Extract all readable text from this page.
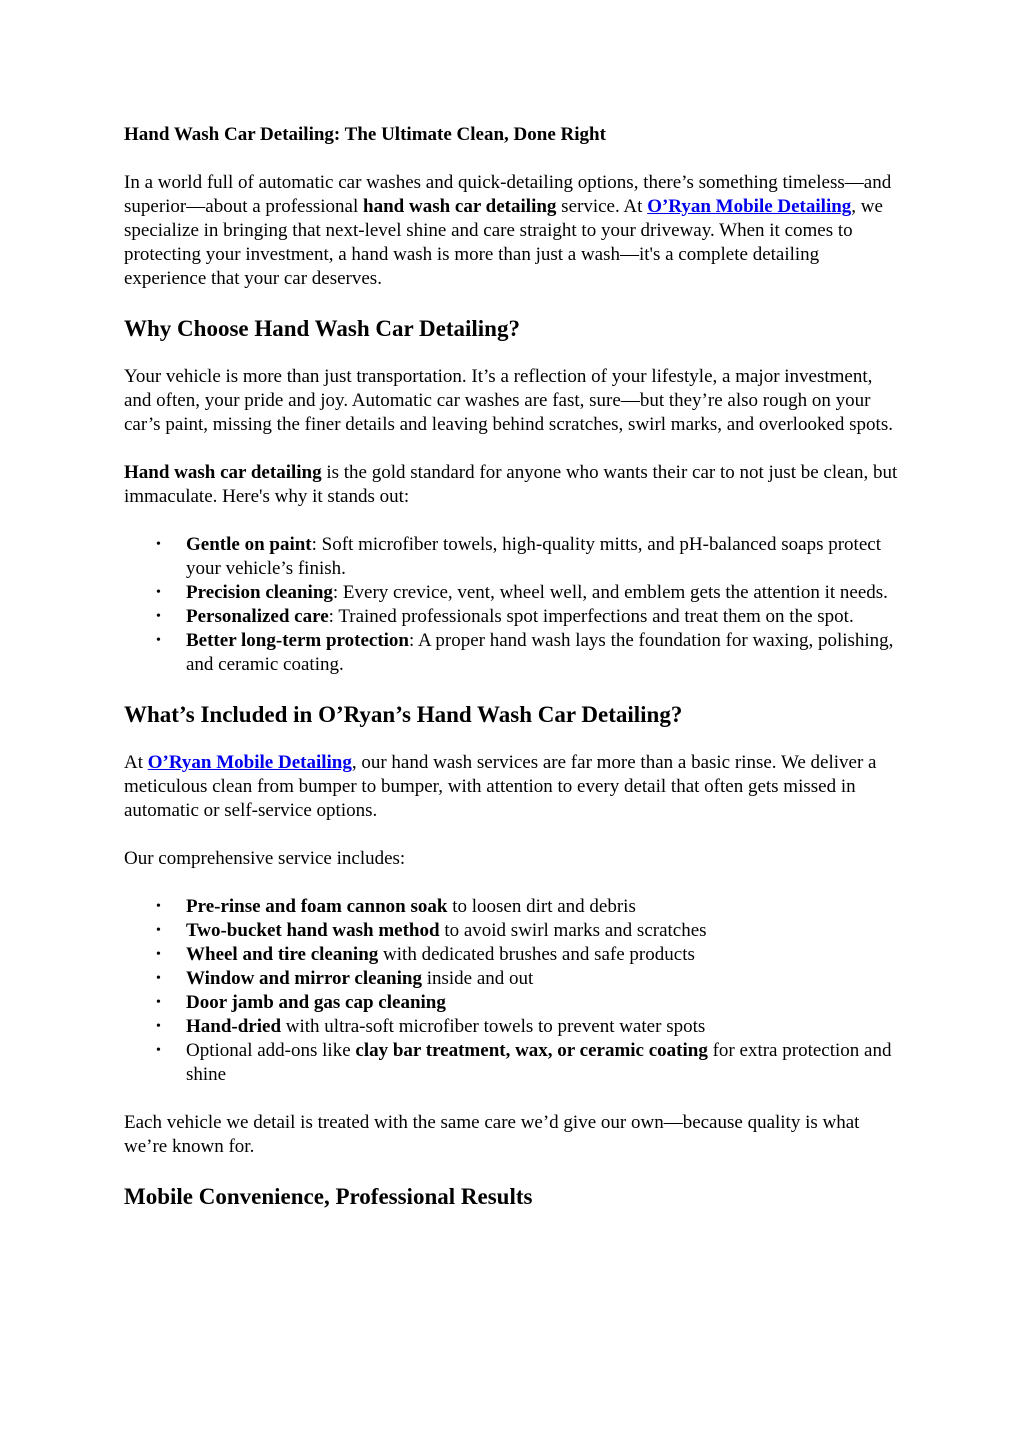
Hand Wash Car Detailing: The Ultimate Clean, Done Right

In a world full of automatic car washes and quick-detailing options, there’s something timeless—and superior—about a professional hand wash car detailing service. At O’Ryan Mobile Detailing, we specialize in bringing that next-level shine and care straight to your driveway. When it comes to protecting your investment, a hand wash is more than just a wash—it's a complete detailing experience that your car deserves.

Why Choose Hand Wash Car Detailing?

Your vehicle is more than just transportation. It’s a reflection of your lifestyle, a major investment, and often, your pride and joy. Automatic car washes are fast, sure—but they’re also rough on your car’s paint, missing the finer details and leaving behind scratches, swirl marks, and overlooked spots.

Hand wash car detailing is the gold standard for anyone who wants their car to not just be clean, but immaculate. Here's why it stands out:

• Gentle on paint: Soft microfiber towels, high-quality mitts, and pH-balanced soaps protect your vehicle’s finish.
• Precision cleaning: Every crevice, vent, wheel well, and emblem gets the attention it needs.
• Personalized care: Trained professionals spot imperfections and treat them on the spot.
• Better long-term protection: A proper hand wash lays the foundation for waxing, polishing, and ceramic coating.
What’s Included in O’Ryan’s Hand Wash Car Detailing?

At O’Ryan Mobile Detailing, our hand wash services are far more than a basic rinse. We deliver a meticulous clean from bumper to bumper, with attention to every detail that often gets missed in automatic or self-service options.

Our comprehensive service includes:

• Pre-rinse and foam cannon soak to loosen dirt and debris
• Two-bucket hand wash method to avoid swirl marks and scratches
• Wheel and tire cleaning with dedicated brushes and safe products
• Window and mirror cleaning inside and out
• Door jamb and gas cap cleaning
• Hand-dried with ultra-soft microfiber towels to prevent water spots
• Optional add-ons like clay bar treatment, wax, or ceramic coating for extra protection and shine

Each vehicle we detail is treated with the same care we’d give our own—because quality is what we’re known for.

Mobile Convenience, Professional Results
